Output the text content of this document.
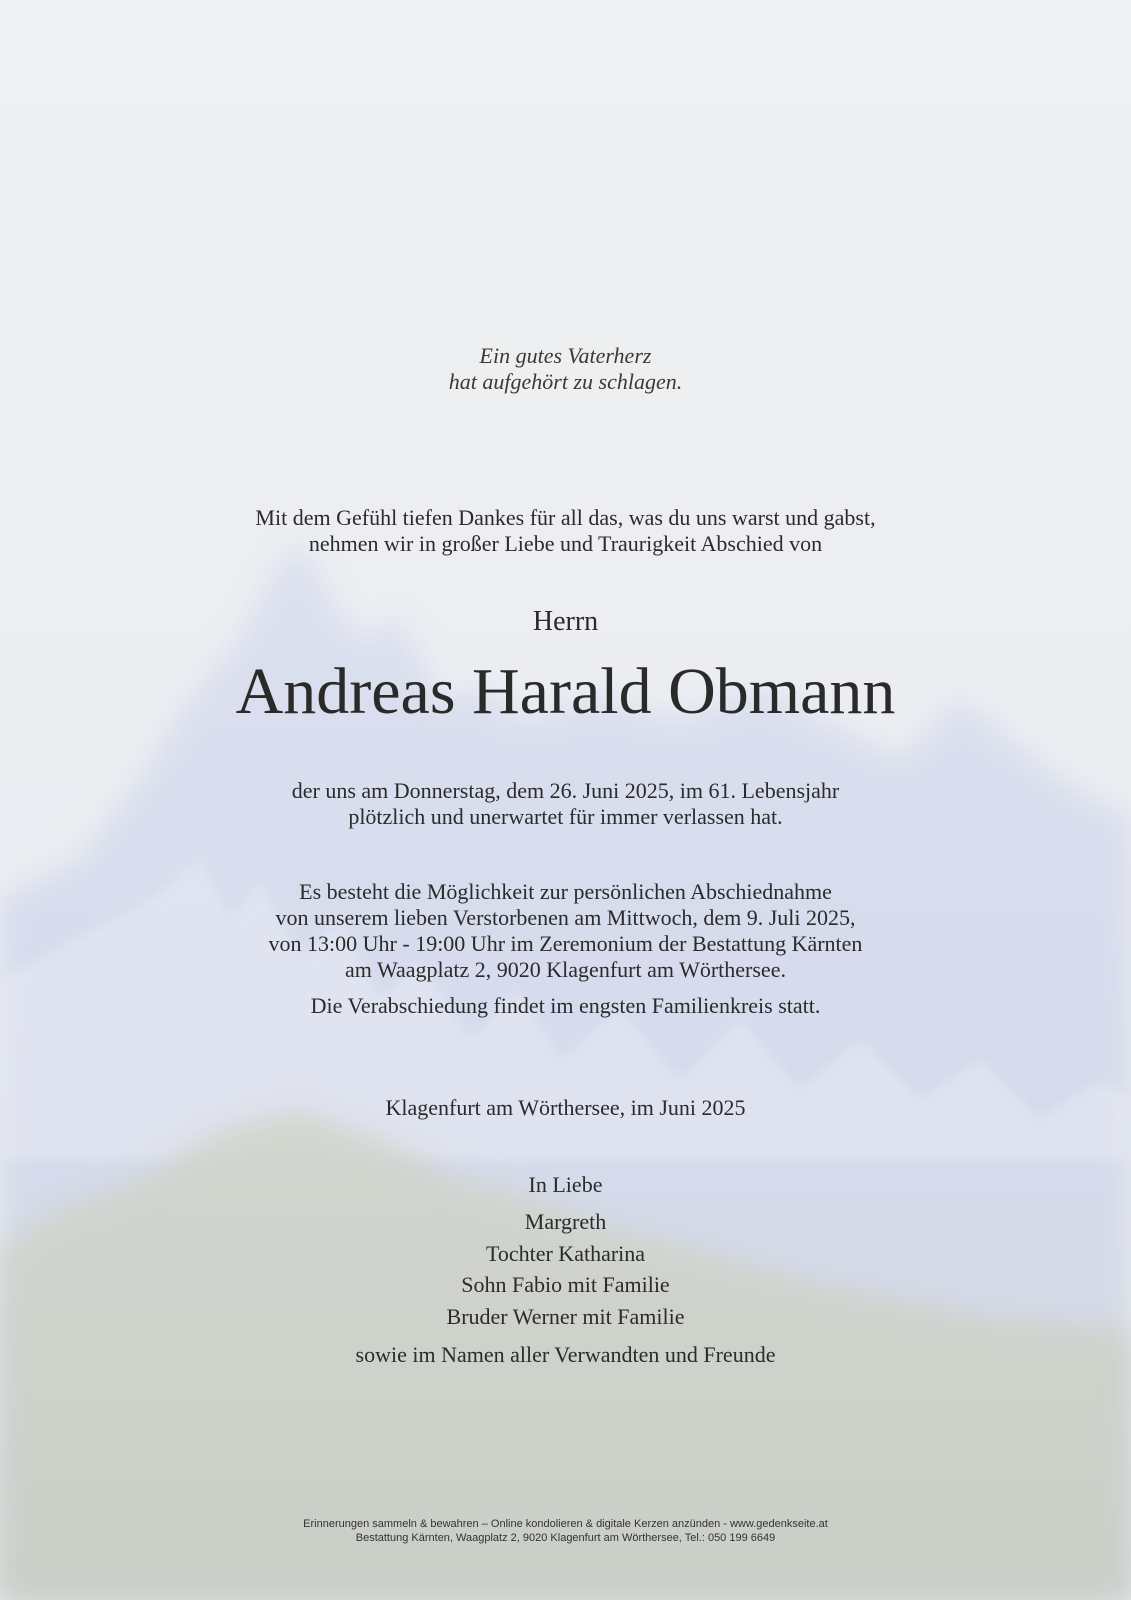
Ein gutes Vaterherz
hat aufgehört zu schlagen.
Mit dem Gefühl tiefen Dankes für all das, was du uns warst und gabst,
nehmen wir in großer Liebe und Traurigkeit Abschied von
Herrn
Andreas Harald Obmann
der uns am Donnerstag, dem 26. Juni 2025, im 61. Lebensjahr
plötzlich und unerwartet für immer verlassen hat.
Es besteht die Möglichkeit zur persönlichen Abschiednahme
von unserem lieben Verstorbenen am Mittwoch, dem 9. Juli 2025,
von 13:00 Uhr - 19:00 Uhr im Zeremonium der Bestattung Kärnten
am Waagplatz 2, 9020 Klagenfurt am Wörthersee.
Die Verabschiedung findet im engsten Familienkreis statt.
Klagenfurt am Wörthersee, im Juni 2025
In Liebe
Margreth
Tochter Katharina
Sohn Fabio mit Familie
Bruder Werner mit Familie
sowie im Namen aller Verwandten und Freunde
Erinnerungen sammeln & bewahren – Online kondolieren & digitale Kerzen anzünden - www.gedenkseite.at
Bestattung Kärnten, Waagplatz 2, 9020 Klagenfurt am Wörthersee, Tel.: 050 199 6649
